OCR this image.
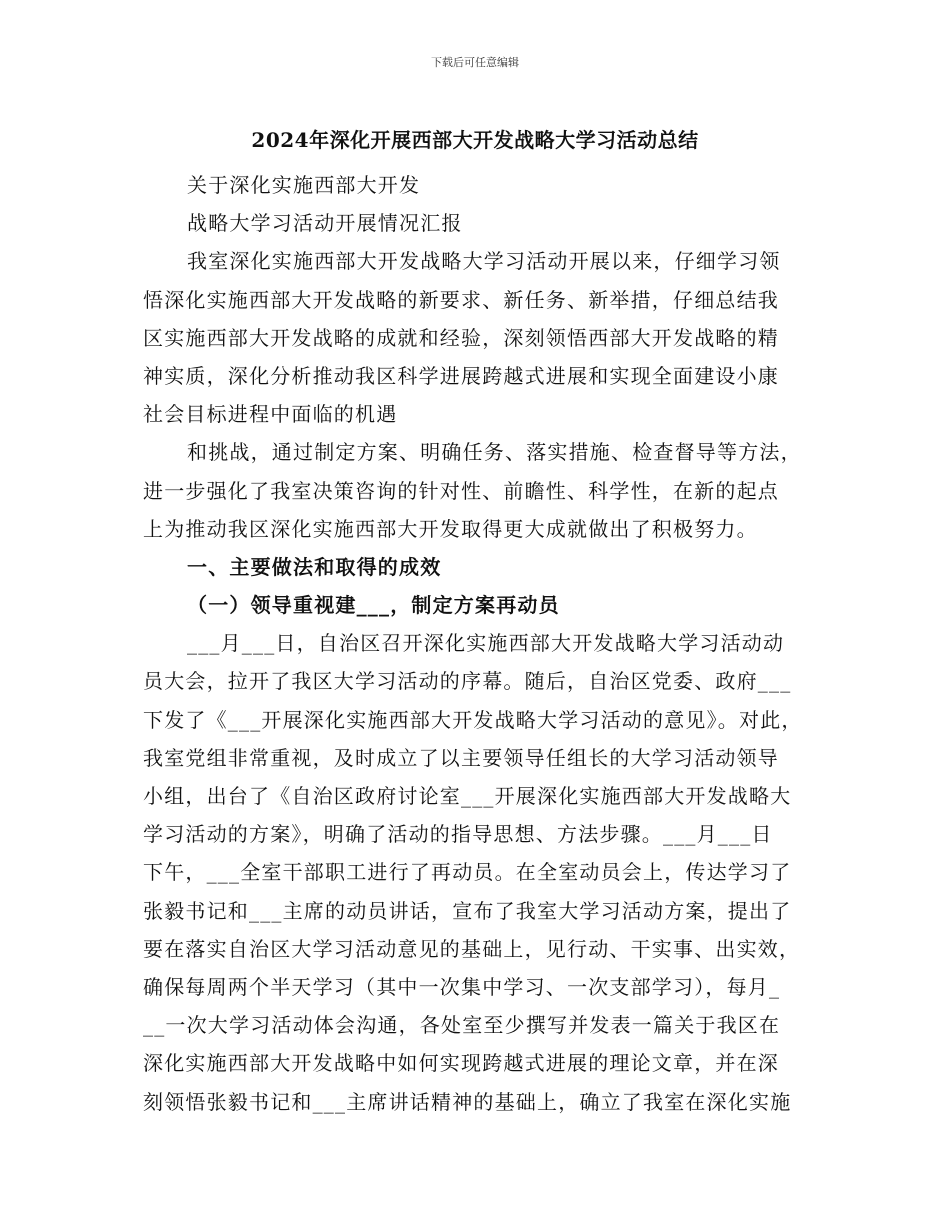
下载后可任意编辑
2024年深化开展西部大开发战略大学习活动总结
关于深化实施西部大开发
战略大学习活动开展情况汇报
我室深化实施西部大开发战略大学习活动开展以来，仔细学习领
悟深化实施西部大开发战略的新要求、新任务、新举措，仔细总结我
区实施西部大开发战略的成就和经验，深刻领悟西部大开发战略的精
神实质，深化分析推动我区科学进展跨越式进展和实现全面建设小康
社会目标进程中面临的机遇
和挑战，通过制定方案、明确任务、落实措施、检查督导等方法，
进一步强化了我室决策咨询的针对性、前瞻性、科学性，在新的起点
上为推动我区深化实施西部大开发取得更大成就做出了积极努力。
一、主要做法和取得的成效
（一）领导重视建___，制定方案再动员
___月___日，自治区召开深化实施西部大开发战略大学习活动动
员大会，拉开了我区大学习活动的序幕。随后，自治区党委、政府___
下发了《___开展深化实施西部大开发战略大学习活动的意见》。对此，
我室党组非常重视，及时成立了以主要领导任组长的大学习活动领导
小组，出台了《自治区政府讨论室___开展深化实施西部大开发战略大
学习活动的方案》，明确了活动的指导思想、方法步骤。___月___日
下午，___全室干部职工进行了再动员。在全室动员会上，传达学习了
张毅书记和___主席的动员讲话，宣布了我室大学习活动方案，提出了
要在落实自治区大学习活动意见的基础上，见行动、干实事、出实效，
确保每周两个半天学习（其中一次集中学习、一次支部学习），每月_
__一次大学习活动体会沟通，各处室至少撰写并发表一篇关于我区在
深化实施西部大开发战略中如何实现跨越式进展的理论文章，并在深
刻领悟张毅书记和___主席讲话精神的基础上，确立了我室在深化实施
